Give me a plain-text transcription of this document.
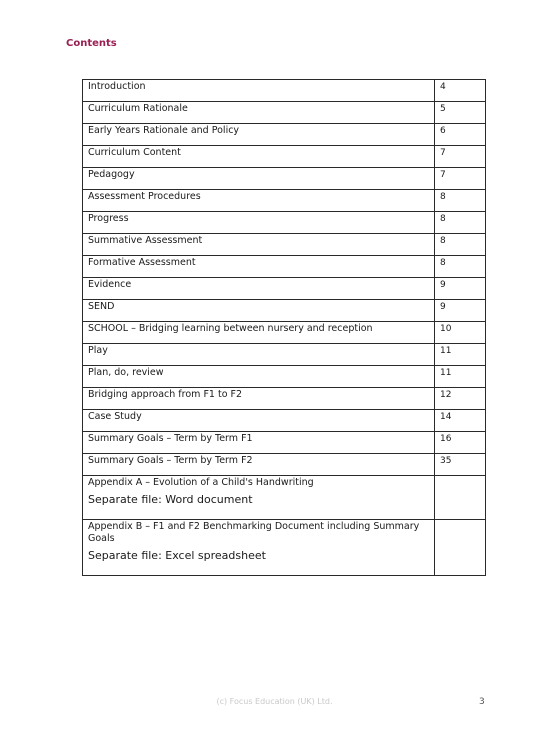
Contents
Introduction	4
Curriculum Rationale	5
Early Years Rationale and Policy	6
Curriculum Content	7
Pedagogy	7
Assessment Procedures	8
Progress	8
Summative Assessment	8
Formative Assessment	8
Evidence	9
SEND	9
SCHOOL – Bridging learning between nursery and reception	10
Play	11
Plan, do, review	11
Bridging approach from F1 to F2	12
Case Study	14
Summary Goals – Term by Term F1	16
Summary Goals – Term by Term F2	35

Appendix A – Evolution of a Child's Handwriting
Separate file: Word document	

Appendix B – F1 and F2 Benchmarking Document including Summary Goals
Separate file: Excel spreadsheet	

(c) Focus Education (UK) Ltd.	3
